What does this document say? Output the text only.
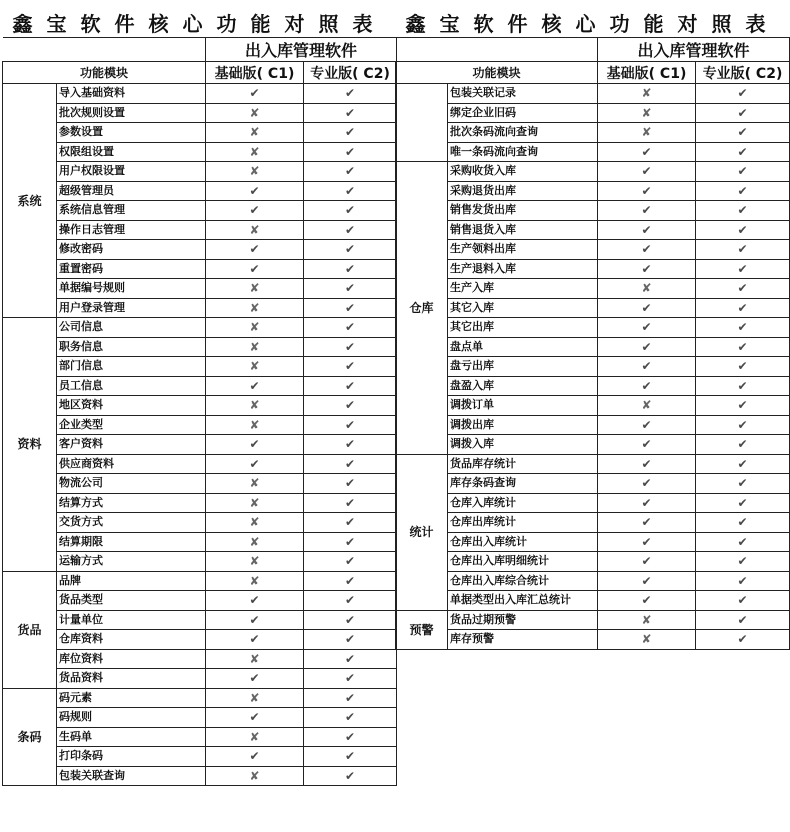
鑫宝软件核心功能对照表			
		出入库管理软件	
功能模块		基础版( C1)	专业版( C2)
系统	导入基础资料	✔	✔
	批次规则设置	✘	✔
	参数设置	✘	✔
	权限组设置	✘	✔
	用户权限设置	✘	✔
	超级管理员	✔	✔
	系统信息管理	✔	✔
	操作日志管理	✘	✔
	修改密码	✔	✔
	重置密码	✔	✔
	单据编号规则	✘	✔
	用户登录管理	✘	✔
资料	公司信息	✘	✔
	职务信息	✘	✔
	部门信息	✘	✔
	员工信息	✔	✔
	地区资料	✘	✔
	企业类型	✘	✔
	客户资料	✔	✔
	供应商资料	✔	✔
	物流公司	✘	✔
	结算方式	✘	✔
	交货方式	✘	✔
	结算期限	✘	✔
	运输方式	✘	✔
货品	品牌	✘	✔
	货品类型	✔	✔
	计量单位	✔	✔
	仓库资料	✔	✔
	库位资料	✘	✔
	货品资料	✔	✔
条码	码元素	✘	✔
	码规则	✔	✔
	生码单	✘	✔
	打印条码	✔	✔
	包装关联查询	✘	✔
鑫宝软件核心功能对照表			
		出入库管理软件	
功能模块		基础版( C1)	专业版( C2)
	包装关联记录	✘	✔
	绑定企业旧码	✘	✔
	批次条码流向查询	✘	✔
	唯一条码流向查询	✔	✔
仓库	采购收货入库	✔	✔
	采购退货出库	✔	✔
	销售发货出库	✔	✔
	销售退货入库	✔	✔
	生产领料出库	✔	✔
	生产退料入库	✔	✔
	生产入库	✘	✔
	其它入库	✔	✔
	其它出库	✔	✔
	盘点单	✔	✔
	盘亏出库	✔	✔
	盘盈入库	✔	✔
	调拨订单	✘	✔
	调拨出库	✔	✔
	调拨入库	✔	✔
统计	货品库存统计	✔	✔
	库存条码查询	✔	✔
	仓库入库统计	✔	✔
	仓库出库统计	✔	✔
	仓库出入库统计	✔	✔
	仓库出入库明细统计	✔	✔
	仓库出入库综合统计	✔	✔
	单据类型出入库汇总统计	✔	✔
预警	货品过期预警	✘	✔
	库存预警	✘	✔
